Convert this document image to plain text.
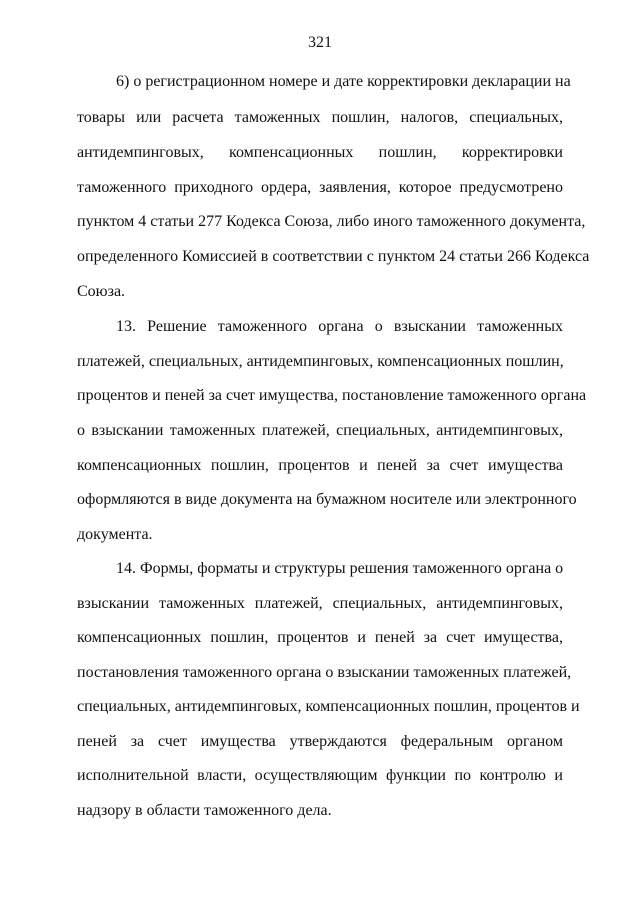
321
6) о регистрационном номере и дате корректировки декларации на
товары или расчета таможенных пошлин, налогов, специальных,
антидемпинговых, компенсационных пошлин, корректировки
таможенного приходного ордера, заявления, которое предусмотрено
пунктом 4 статьи 277 Кодекса Союза, либо иного таможенного документа,
определенного Комиссией в соответствии с пунктом 24 статьи 266 Кодекса
Союза.
13. Решение таможенного органа о взыскании таможенных
платежей, специальных, антидемпинговых, компенсационных пошлин,
процентов и пеней за счет имущества, постановление таможенного органа
о взыскании таможенных платежей, специальных, антидемпинговых,
компенсационных пошлин, процентов и пеней за счет имущества
оформляются в виде документа на бумажном носителе или электронного
документа.
14. Формы, форматы и структуры решения таможенного органа о
взыскании таможенных платежей, специальных, антидемпинговых,
компенсационных пошлин, процентов и пеней за счет имущества,
постановления таможенного органа о взыскании таможенных платежей,
специальных, антидемпинговых, компенсационных пошлин, процентов и
пеней за счет имущества утверждаются федеральным органом
исполнительной власти, осуществляющим функции по контролю и
надзору в области таможенного дела.
